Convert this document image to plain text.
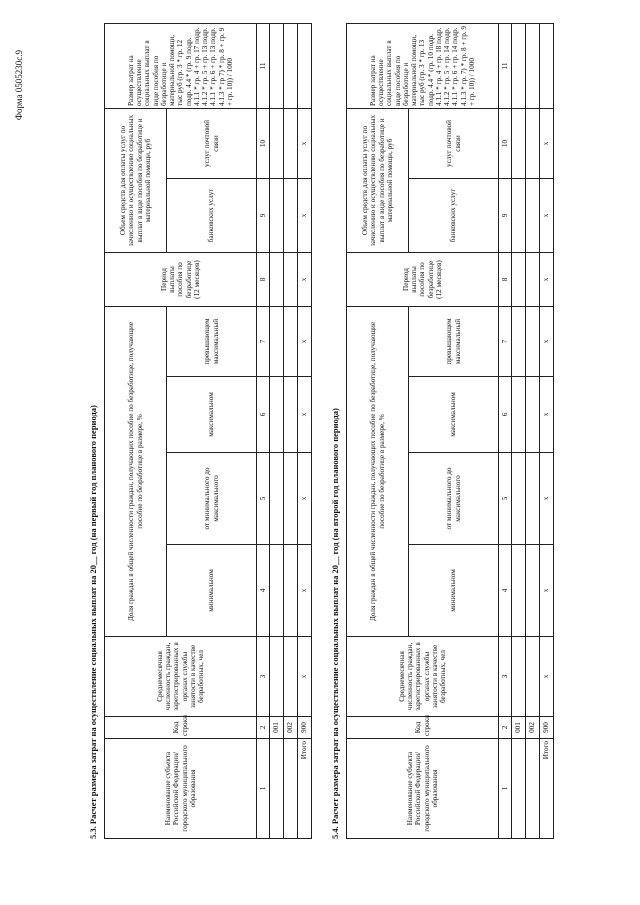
Форма 0505230с.9
5.3. Расчет размера затрат на осуществление социальных выплат на 20__ год (на первый год планового периода)	Наименование субъекта Российской Федерации/городского муниципального образования	Код строки	Среднемесячная численность граждан, зарегистрированных в органах службы занятости в качестве безработных, чел	Доля граждан в общей численности граждан, получающих пособие по безработице, получающие пособие по безработице в размере, %				Период выплаты пособия по безработице (12 месяцев)	Объем средств для оплаты услуг по зачислению и осуществлению социальных выплат в виде пособия по безработице и материальной помощи, руб		Размер затрат на осуществление социальных выплат в виде пособия по безработице и материальной помощи, тыс руб (гр. 3 * гр. 12 подр. 4.4 * (гр. 9 подр. 4.1.1 * гр. 4 + гр. 17 подр. 4.1.2 * гр. 5 + гр. 13 подр. 4.1.1 * гр. 6 + гр. 13 подр. 4.1.3 * гр 7) * гр. 8 + гр. 9 + гр. 10)) / 1000
			минимальном	от минимального до максимального	максимальном	превышающем максимальный		банковских услуг	услуг почтовой связи	
1	2	3	4	5	6	7	8	9	10	11
	001									
	002									
Итого	900	x	x	x	x	x	x	x	x	
5.4. Расчет размера затрат на осуществление социальных выплат на 20__ год (на второй год планового периода)	Наименование субъекта Российской Федерации/городского муниципального образования	Код строки	Среднемесячная численность граждан, зарегистрированных в органах службы занятости в качестве безработных, чел	Доля граждан в общей численности граждан, получающих пособие по безработице, получающие пособие по безработице в размере, %				Период выплаты пособия по безработице (12 месяцев)	Объем средств для оплаты услуг по зачислению и осуществлению социальных выплат в виде пособия по безработице и материальной помощи, руб		Размер затрат на осуществление социальных выплат в виде пособия по безработице и материальной помощи, тыс руб (гр. 3 * гр. 13 подр. 4.4 * (гр. 10 подр. 4.1.1 * гр. 4 + гр. 18 подр. 4.1.2 * гр. 5 + гр. 14 подр. 4.1.1 * гр. 6 + гр. 14 подр. 4.1.3 * гр. 7) * гр. 8 + гр. 9 + гр. 10)) / 1000
			минимальном	от минимального до максимального	максимальном	превышающем максимальный		банковских услуг	услуг почтовой связи	
1	2	3	4	5	6	7	8	9	10	11
	001									
	002									
Итого	900	x	x	x	x	x	x	x	x	
